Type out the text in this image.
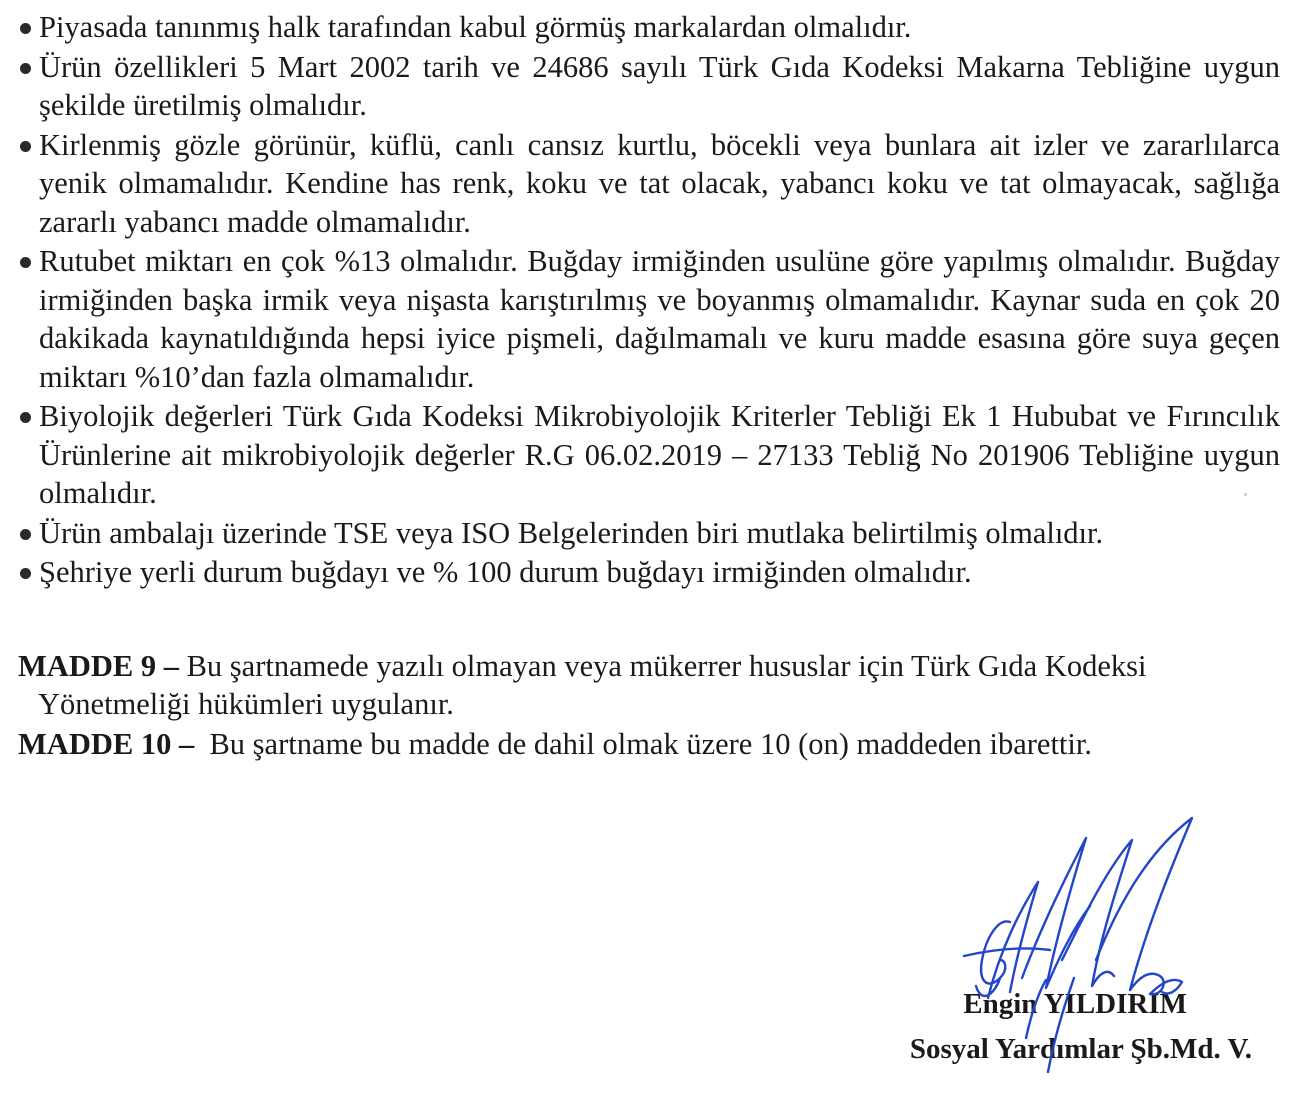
Piyasada tanınmış halk tarafından kabul görmüş markalardan olmalıdır.
Ürün özellikleri 5 Mart 2002 tarih ve 24686 sayılı Türk Gıda Kodeksi Makarna Tebliğine uygun şekilde üretilmiş olmalıdır.
Kirlenmiş gözle görünür, küflü, canlı cansız kurtlu, böcekli veya bunlara ait izler ve zararlılarca yenik olmamalıdır. Kendine has renk, koku ve tat olacak, yabancı koku ve tat olmayacak, sağlığa zararlı yabancı madde olmamalıdır.
Rutubet miktarı en çok %13 olmalıdır. Buğday irmiğinden usulüne göre yapılmış olmalıdır. Buğday irmiğinden başka irmik veya nişasta karıştırılmış ve boyanmış olmamalıdır. Kaynar suda en çok 20 dakikada kaynatıldığında hepsi iyice pişmeli, dağılmamalı ve kuru madde esasına göre suya geçen miktarı %10’dan fazla olmamalıdır.
Biyolojik değerleri Türk Gıda Kodeksi Mikrobiyolojik Kriterler Tebliği Ek 1 Hububat ve Fırıncılık Ürünlerine ait mikrobiyolojik değerler R.G 06.02.2019 – 27133 Tebliğ No 201906 Tebliğine uygun olmalıdır.
Ürün ambalajı üzerinde TSE veya ISO Belgelerinden biri mutlaka belirtilmiş olmalıdır.
Şehriye yerli durum buğdayı ve % 100 durum buğdayı irmiğinden olmalıdır.
MADDE 9 – Bu şartnamede yazılı olmayan veya mükerrer hususlar için Türk Gıda Kodeksi
Yönetmeliği hükümleri uygulanır.
MADDE 10 –  Bu şartname bu madde de dahil olmak üzere 10 (on) maddeden ibarettir.
Engin YILDIRIM
Sosyal Yardımlar Şb.Md. V.
